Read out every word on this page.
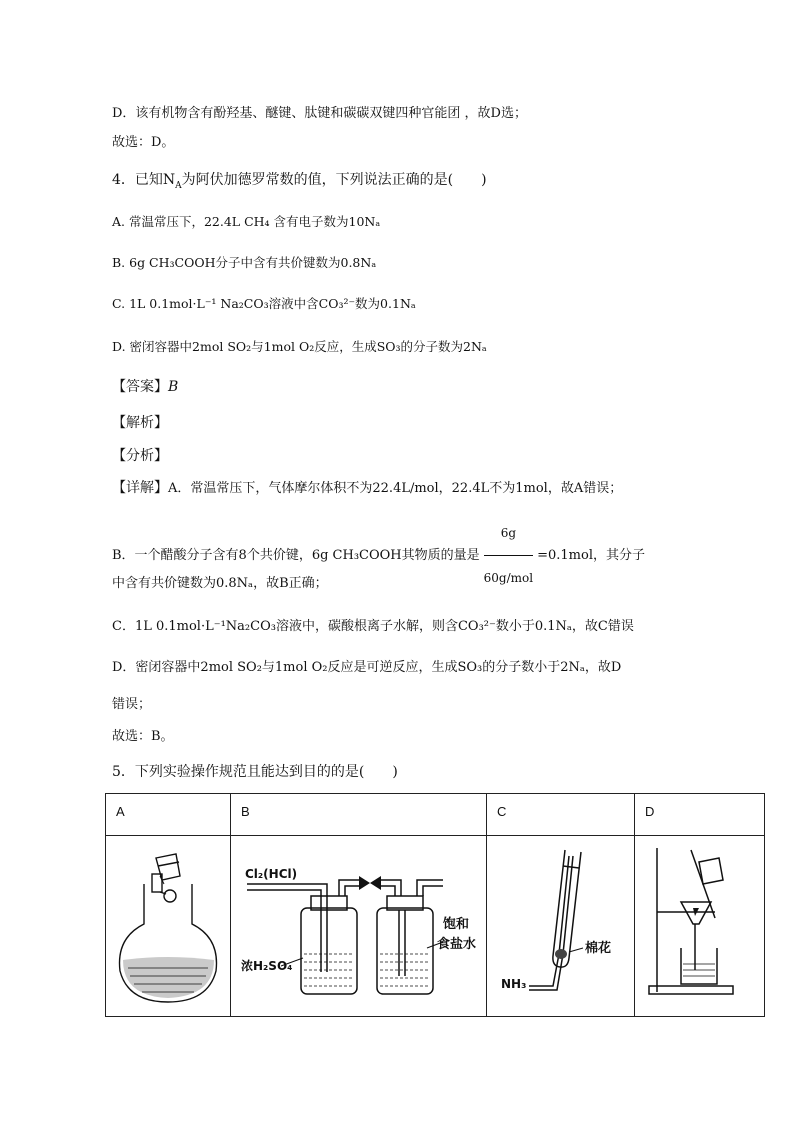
D．该有机物含有酚羟基、醚键、肽键和碳碳双键四种官能团 ，故D选；
故选：D。
4．已知$N_A$为阿伏加德罗常数的值，下列说法正确的是(　　)
A. 常温常压下，22.4L CH₄ 含有电子数为10Nₐ
B. 6g CH₃COOH分子中含有共价键数为0.8Nₐ
C. 1L 0.1mol·L⁻¹ Na₂CO₃溶液中含CO₃²⁻数为0.1Nₐ
D. 密闭容器中2mol SO₂与1mol O₂反应，生成SO₃的分子数为2Nₐ
【答案】B
【解析】
【分析】
【详解】A．常温常压下，气体摩尔体积不为22.4L/mol，22.4L不为1mol，故A错误；
B．一个醋酸分子含有8个共价键，6g CH₃COOH其物质的量是 $\frac{6g}{\text{60g/mol}} =0.1mol$，其分子
中含有共价键数为0.8Nₐ，故B正确；
C．1L 0.1mol·L⁻¹Na₂CO₃溶液中，碳酸根离子水解，则含CO₃²⁻数小于0.1Nₐ，故C错误
D．密闭容器中2mol SO₂与1mol O₂反应是可逆反应，生成SO₃的分子数小于2Nₐ，故D
错误；
故选：B。
5．下列实验操作规范且能达到目的的是(　　)
A	B	C	D

Cl₂(HCl)
浓H₂SO₄
饱和
食盐水	NH₃
棉花
